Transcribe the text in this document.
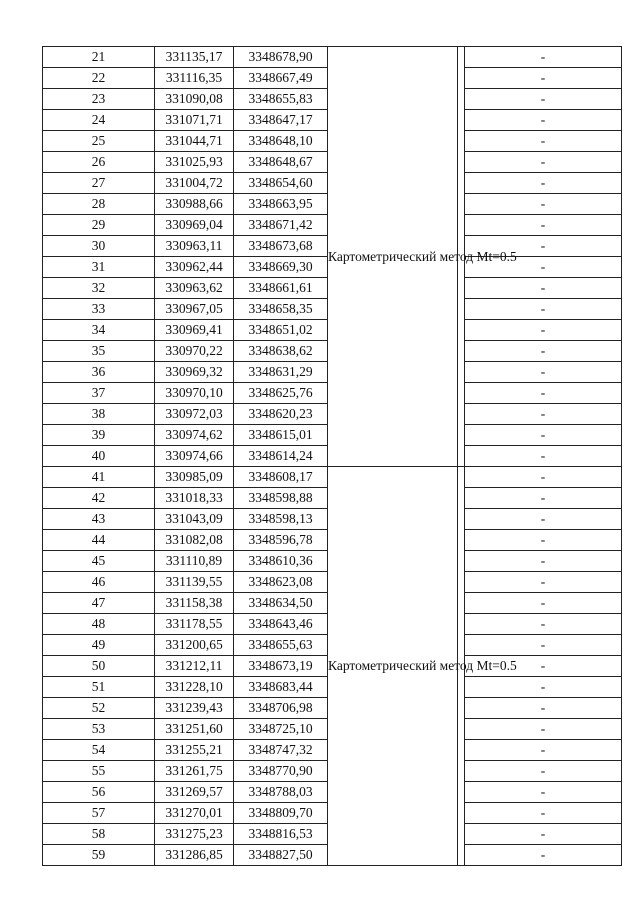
21	331135,17	3348678,90	Картометрический метод Mt=0.5		-
22	331116,35	3348667,49			-
23	331090,08	3348655,83			-
24	331071,71	3348647,17			-
25	331044,71	3348648,10			-
26	331025,93	3348648,67			-
27	331004,72	3348654,60			-
28	330988,66	3348663,95			-
29	330969,04	3348671,42			-
30	330963,11	3348673,68			-
31	330962,44	3348669,30			-
32	330963,62	3348661,61			-
33	330967,05	3348658,35			-
34	330969,41	3348651,02			-
35	330970,22	3348638,62			-
36	330969,32	3348631,29			-
37	330970,10	3348625,76			-
38	330972,03	3348620,23			-
39	330974,62	3348615,01			-
40	330974,66	3348614,24			-
41	330985,09	3348608,17	Картометрический метод Mt=0.5		-
42	331018,33	3348598,88			-
43	331043,09	3348598,13			-
44	331082,08	3348596,78			-
45	331110,89	3348610,36			-
46	331139,55	3348623,08			-
47	331158,38	3348634,50			-
48	331178,55	3348643,46			-
49	331200,65	3348655,63			-
50	331212,11	3348673,19			-
51	331228,10	3348683,44			-
52	331239,43	3348706,98			-
53	331251,60	3348725,10			-
54	331255,21	3348747,32			-
55	331261,75	3348770,90			-
56	331269,57	3348788,03			-
57	331270,01	3348809,70			-
58	331275,23	3348816,53			-
59	331286,85	3348827,50			-
